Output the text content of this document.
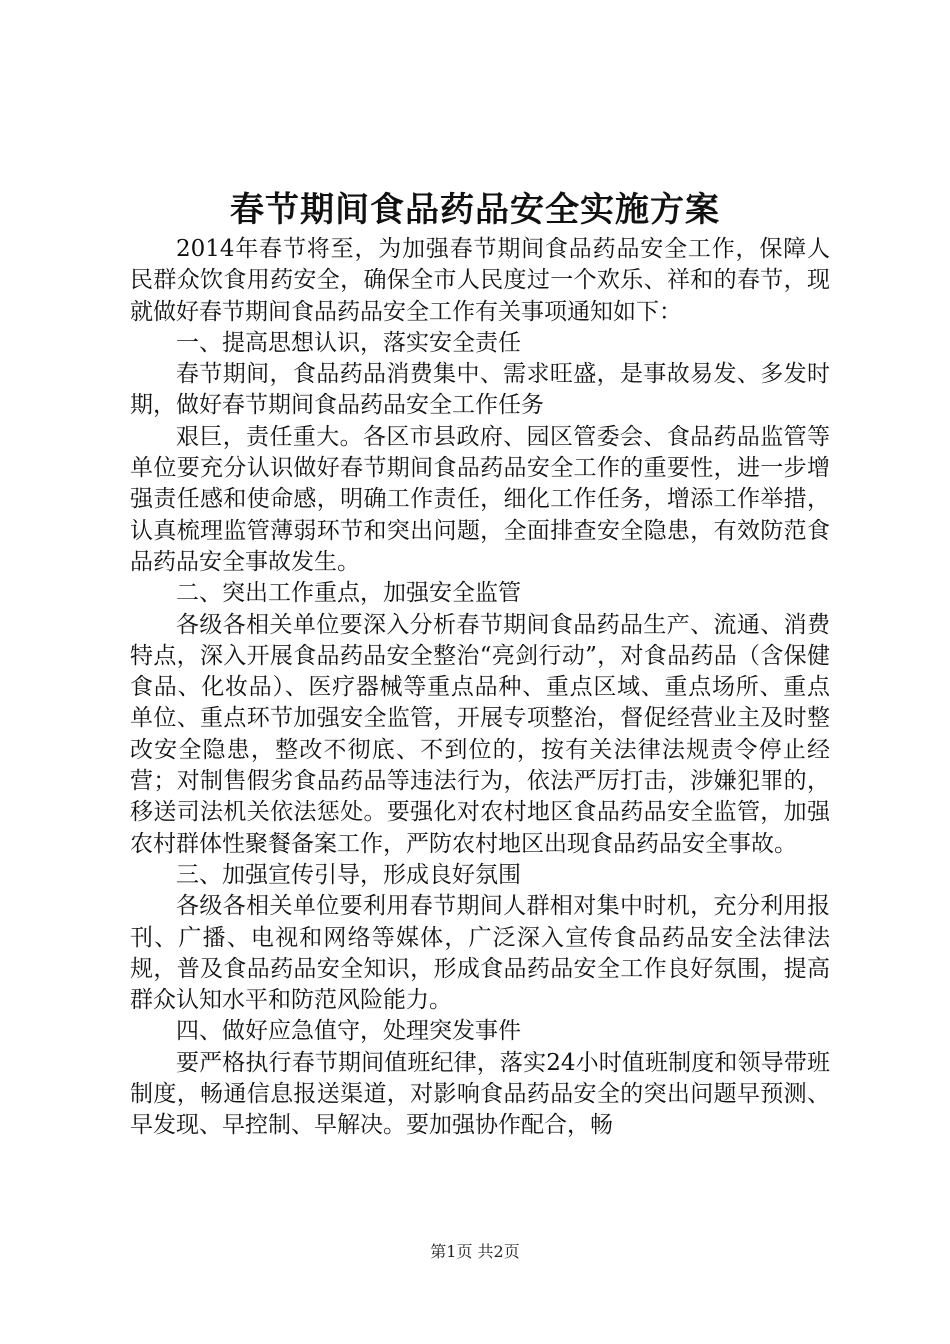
春节期间食品药品安全实施方案

2014年春节将至，为加强春节期间食品药品安全工作，保障人民群众饮食用药安全，确保全市人民度过一个欢乐、祥和的春节，现就做好春节期间食品药品安全工作有关事项通知如下：

一、提高思想认识，落实安全责任

春节期间，食品药品消费集中、需求旺盛，是事故易发、多发时期，做好春节期间食品药品安全工作任务

艰巨，责任重大。各区市县政府、园区管委会、食品药品监管等单位要充分认识做好春节期间食品药品安全工作的重要性，进一步增强责任感和使命感，明确工作责任，细化工作任务，增添工作举措，认真梳理监管薄弱环节和突出问题，全面排查安全隐患，有效防范食品药品安全事故发生。

二、突出工作重点，加强安全监管

各级各相关单位要深入分析春节期间食品药品生产、流通、消费特点，深入开展食品药品安全整治“亮剑行动”，对食品药品（含保健食品、化妆品）、医疗器械等重点品种、重点区域、重点场所、重点单位、重点环节加强安全监管，开展专项整治，督促经营业主及时整改安全隐患，整改不彻底、不到位的，按有关法律法规责令停止经营；对制售假劣食品药品等违法行为，依法严厉打击，涉嫌犯罪的，移送司法机关依法惩处。要强化对农村地区食品药品安全监管，加强农村群体性聚餐备案工作，严防农村地区出现食品药品安全事故。

三、加强宣传引导，形成良好氛围

各级各相关单位要利用春节期间人群相对集中时机，充分利用报刊、广播、电视和网络等媒体，广泛深入宣传食品药品安全法律法规，普及食品药品安全知识，形成食品药品安全工作良好氛围，提高群众认知水平和防范风险能力。

四、做好应急值守，处理突发事件

要严格执行春节期间值班纪律，落实24小时值班制度和领导带班制度，畅通信息报送渠道，对影响食品药品安全的突出问题早预测、早发现、早控制、早解决。要加强协作配合，畅

第1页 共2页
